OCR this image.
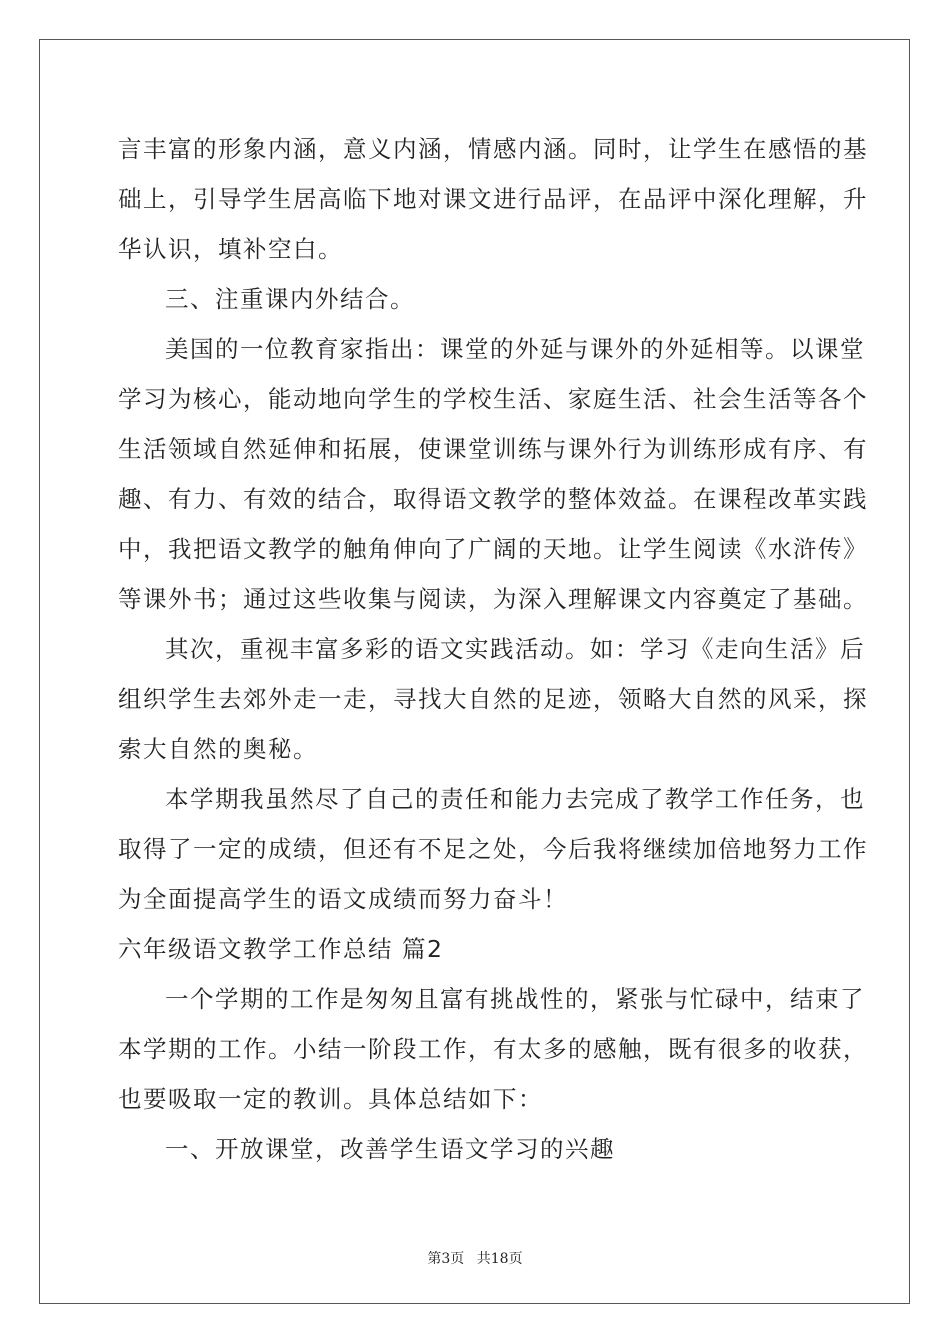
言丰富的形象内涵，意义内涵，情感内涵。同时，让学生在感悟的基

础上，引导学生居高临下地对课文进行品评，在品评中深化理解，升

华认识，填补空白。

三、注重课内外结合。

美国的一位教育家指出：课堂的外延与课外的外延相等。以课堂

学习为核心，能动地向学生的学校生活、家庭生活、社会生活等各个

生活领域自然延伸和拓展，使课堂训练与课外行为训练形成有序、有

趣、有力、有效的结合，取得语文教学的整体效益。在课程改革实践

中，我把语文教学的触角伸向了广阔的天地。让学生阅读《水浒传》

等课外书；通过这些收集与阅读，为深入理解课文内容奠定了基础。

其次，重视丰富多彩的语文实践活动。如：学习《走向生活》后

组织学生去郊外走一走，寻找大自然的足迹，领略大自然的风采，探

索大自然的奥秘。

本学期我虽然尽了自己的责任和能力去完成了教学工作任务，也

取得了一定的成绩，但还有不足之处，今后我将继续加倍地努力工作

为全面提高学生的语文成绩而努力奋斗！

六年级语文教学工作总结 篇2

一个学期的工作是匆匆且富有挑战性的，紧张与忙碌中，结束了

本学期的工作。小结一阶段工作，有太多的感触，既有很多的收获，

也要吸取一定的教训。具体总结如下：

一、开放课堂，改善学生语文学习的兴趣

第3页 共18页
